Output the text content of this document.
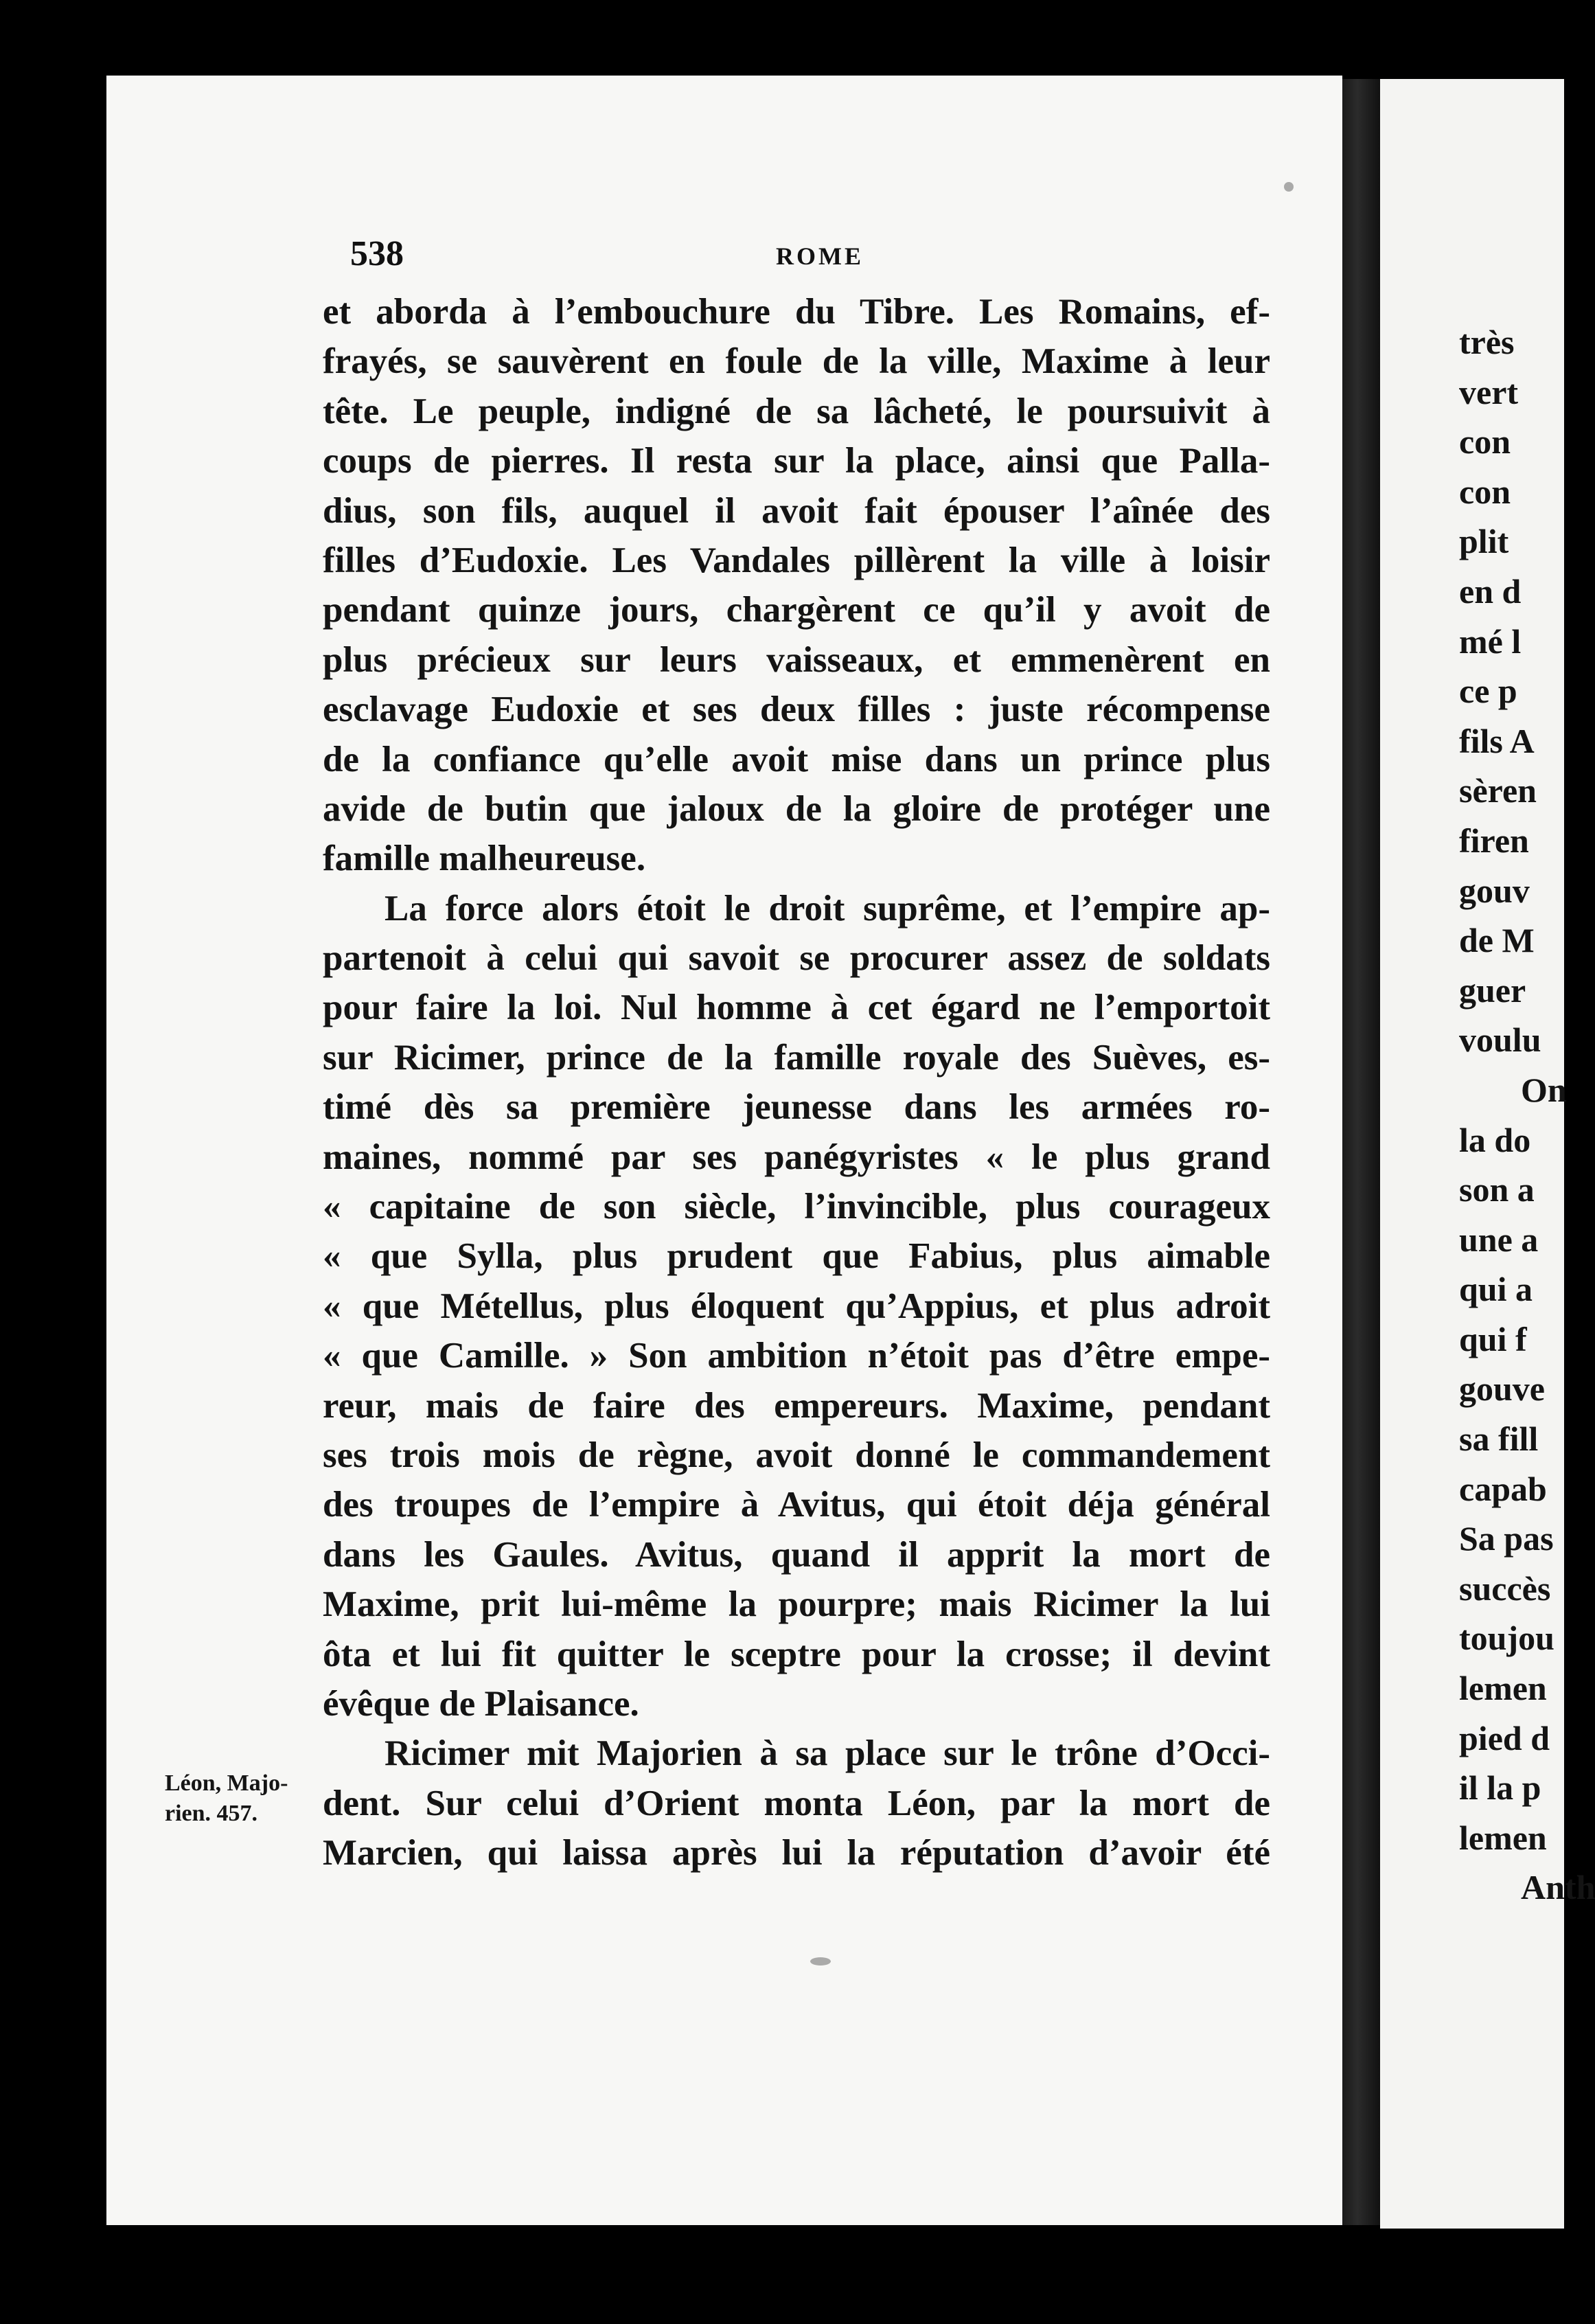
538	ROME
et aborda à l’embouchure du Tibre. Les Romains, ef-
frayés, se sauvèrent en foule de la ville, Maxime à leur
tête. Le peuple, indigné de sa lâcheté, le poursuivit à
coups de pierres. Il resta sur la place, ainsi que Palla-
dius, son fils, auquel il avoit fait épouser l’aînée des
filles d’Eudoxie. Les Vandales pillèrent la ville à loisir
pendant quinze jours, chargèrent ce qu’il y avoit de
plus précieux sur leurs vaisseaux, et emmenèrent en
esclavage Eudoxie et ses deux filles : juste récompense
de la confiance qu’elle avoit mise dans un prince plus
avide de butin que jaloux de la gloire de protéger une
famille malheureuse.
La force alors étoit le droit suprême, et l’empire ap-
partenoit à celui qui savoit se procurer assez de soldats
pour faire la loi. Nul homme à cet égard ne l’emportoit
sur Ricimer, prince de la famille royale des Suèves, es-
timé dès sa première jeunesse dans les armées ro-
maines, nommé par ses panégyristes « le plus grand
« capitaine de son siècle, l’invincible, plus courageux
« que Sylla, plus prudent que Fabius, plus aimable
« que Métellus, plus éloquent qu’Appius, et plus adroit
« que Camille. » Son ambition n’étoit pas d’être empe-
reur, mais de faire des empereurs. Maxime, pendant
ses trois mois de règne, avoit donné le commandement
des troupes de l’empire à Avitus, qui étoit déja général
dans les Gaules. Avitus, quand il apprit la mort de
Maxime, prit lui-même la pourpre; mais Ricimer la lui
ôta et lui fit quitter le sceptre pour la crosse; il devint
évêque de Plaisance.
Ricimer mit Majorien à sa place sur le trône d’Occi-
dent. Sur celui d’Orient monta Léon, par la mort de
Marcien, qui laissa après lui la réputation d’avoir été
Léon, Majo-
rien. 457.
très
vert
con
con
plit
en d
mé l
ce p
fils A
sèren
firen
gouv
de M
guer
voulu
On
la do
son a
une a
qui a
qui f
gouve
sa fill
capab
Sa pas
succès
toujou
lemen
pied d
il la p
lemen
Anth
